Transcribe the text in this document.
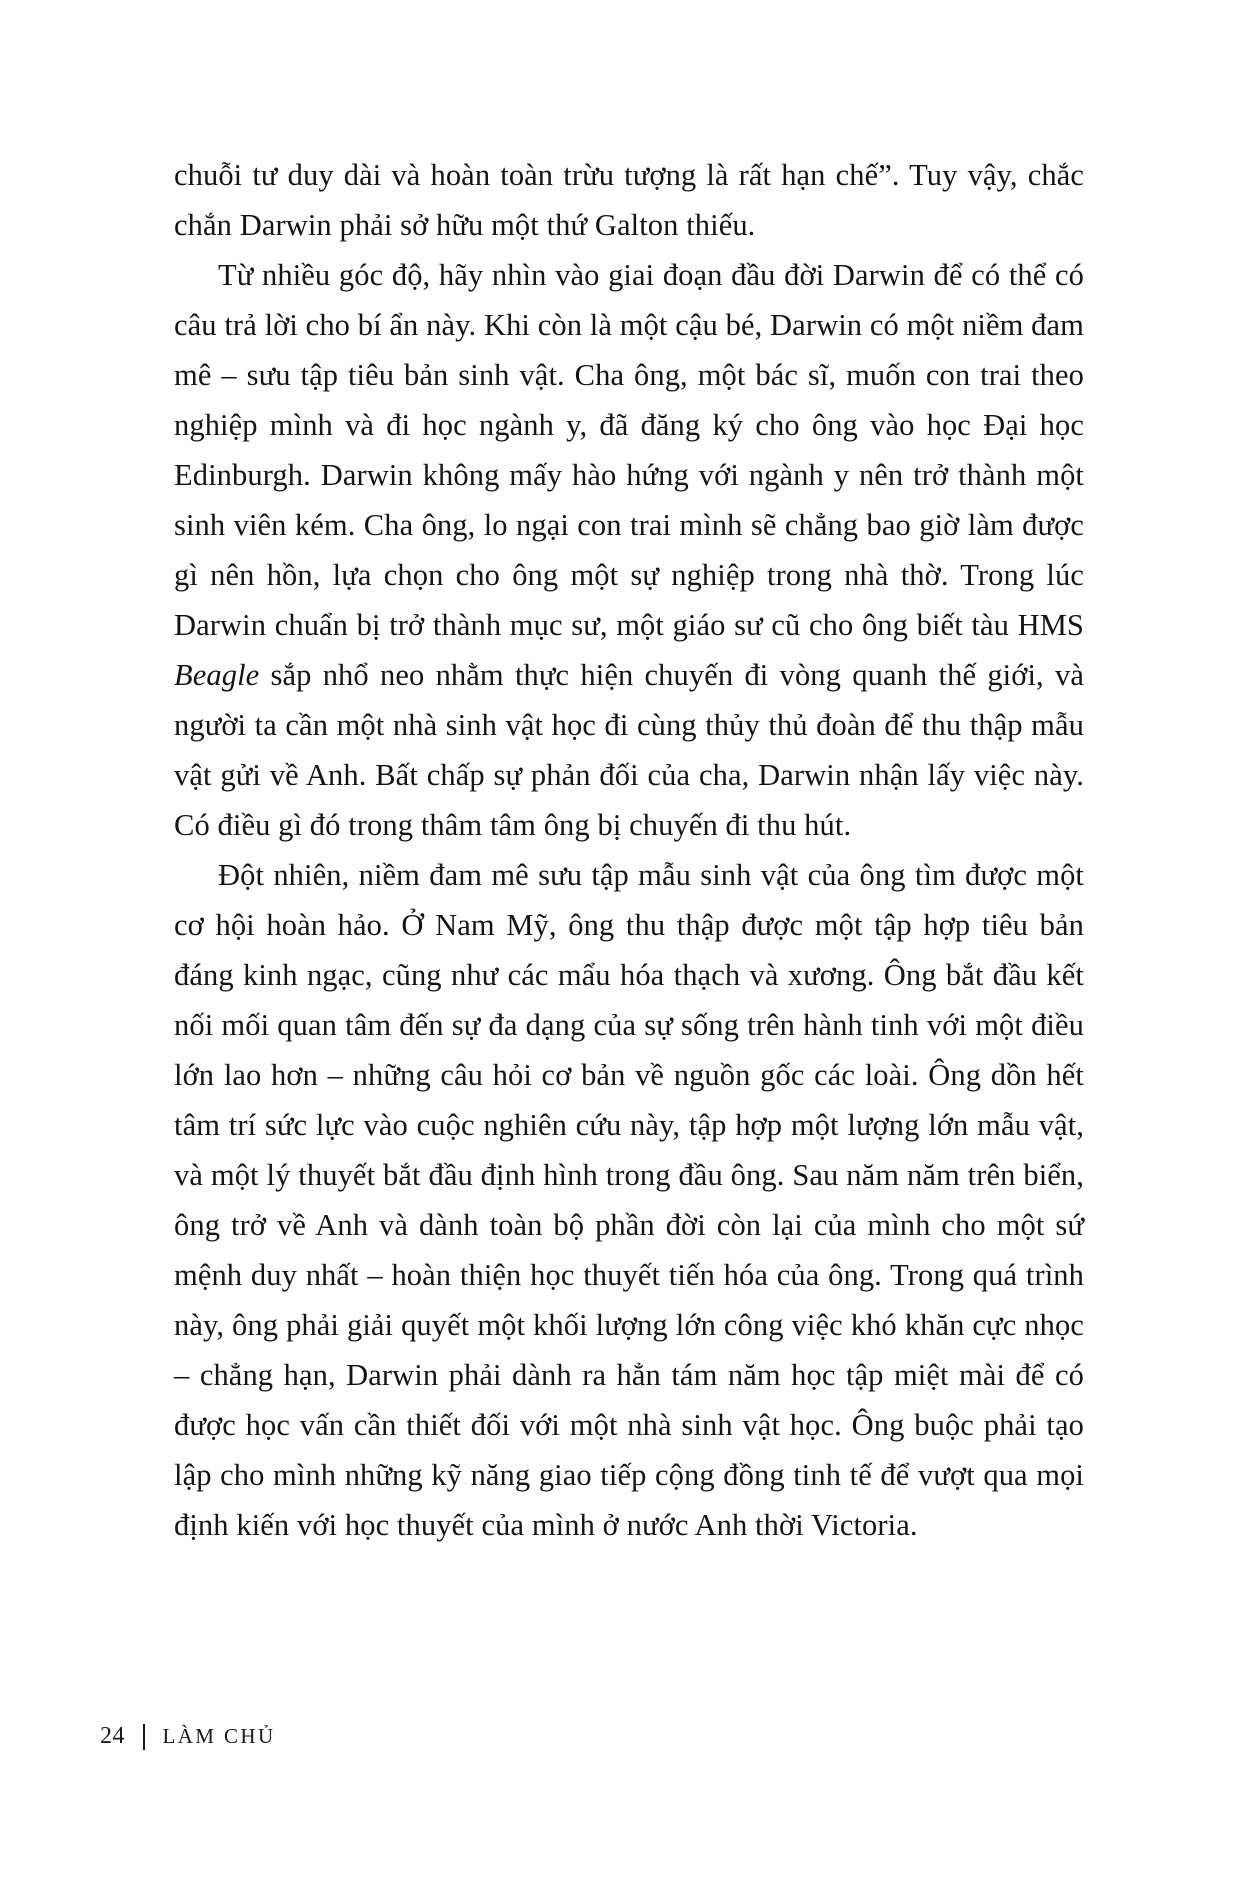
chuỗi tư duy dài và hoàn toàn trừu tượng là rất hạn chế”. Tuy vậy, chắc chắn Darwin phải sở hữu một thứ Galton thiếu.

Từ nhiều góc độ, hãy nhìn vào giai đoạn đầu đời Darwin để có thể có câu trả lời cho bí ẩn này. Khi còn là một cậu bé, Darwin có một niềm đam mê – sưu tập tiêu bản sinh vật. Cha ông, một bác sĩ, muốn con trai theo nghiệp mình và đi học ngành y, đã đăng ký cho ông vào học Đại học Edinburgh. Darwin không mấy hào hứng với ngành y nên trở thành một sinh viên kém. Cha ông, lo ngại con trai mình sẽ chẳng bao giờ làm được gì nên hồn, lựa chọn cho ông một sự nghiệp trong nhà thờ. Trong lúc Darwin chuẩn bị trở thành mục sư, một giáo sư cũ cho ông biết tàu HMS Beagle sắp nhổ neo nhằm thực hiện chuyến đi vòng quanh thế giới, và người ta cần một nhà sinh vật học đi cùng thủy thủ đoàn để thu thập mẫu vật gửi về Anh. Bất chấp sự phản đối của cha, Darwin nhận lấy việc này. Có điều gì đó trong thâm tâm ông bị chuyến đi thu hút.

Đột nhiên, niềm đam mê sưu tập mẫu sinh vật của ông tìm được một cơ hội hoàn hảo. Ở Nam Mỹ, ông thu thập được một tập hợp tiêu bản đáng kinh ngạc, cũng như các mẩu hóa thạch và xương. Ông bắt đầu kết nối mối quan tâm đến sự đa dạng của sự sống trên hành tinh với một điều lớn lao hơn – những câu hỏi cơ bản về nguồn gốc các loài. Ông dồn hết tâm trí sức lực vào cuộc nghiên cứu này, tập hợp một lượng lớn mẫu vật, và một lý thuyết bắt đầu định hình trong đầu ông. Sau năm năm trên biển, ông trở về Anh và dành toàn bộ phần đời còn lại của mình cho một sứ mệnh duy nhất – hoàn thiện học thuyết tiến hóa của ông. Trong quá trình này, ông phải giải quyết một khối lượng lớn công việc khó khăn cực nhọc – chẳng hạn, Darwin phải dành ra hẳn tám năm học tập miệt mài để có được học vấn cần thiết đối với một nhà sinh vật học. Ông buộc phải tạo lập cho mình những kỹ năng giao tiếp cộng đồng tinh tế để vượt qua mọi định kiến với học thuyết của mình ở nước Anh thời Victoria.

24 LÀM CHỦ
